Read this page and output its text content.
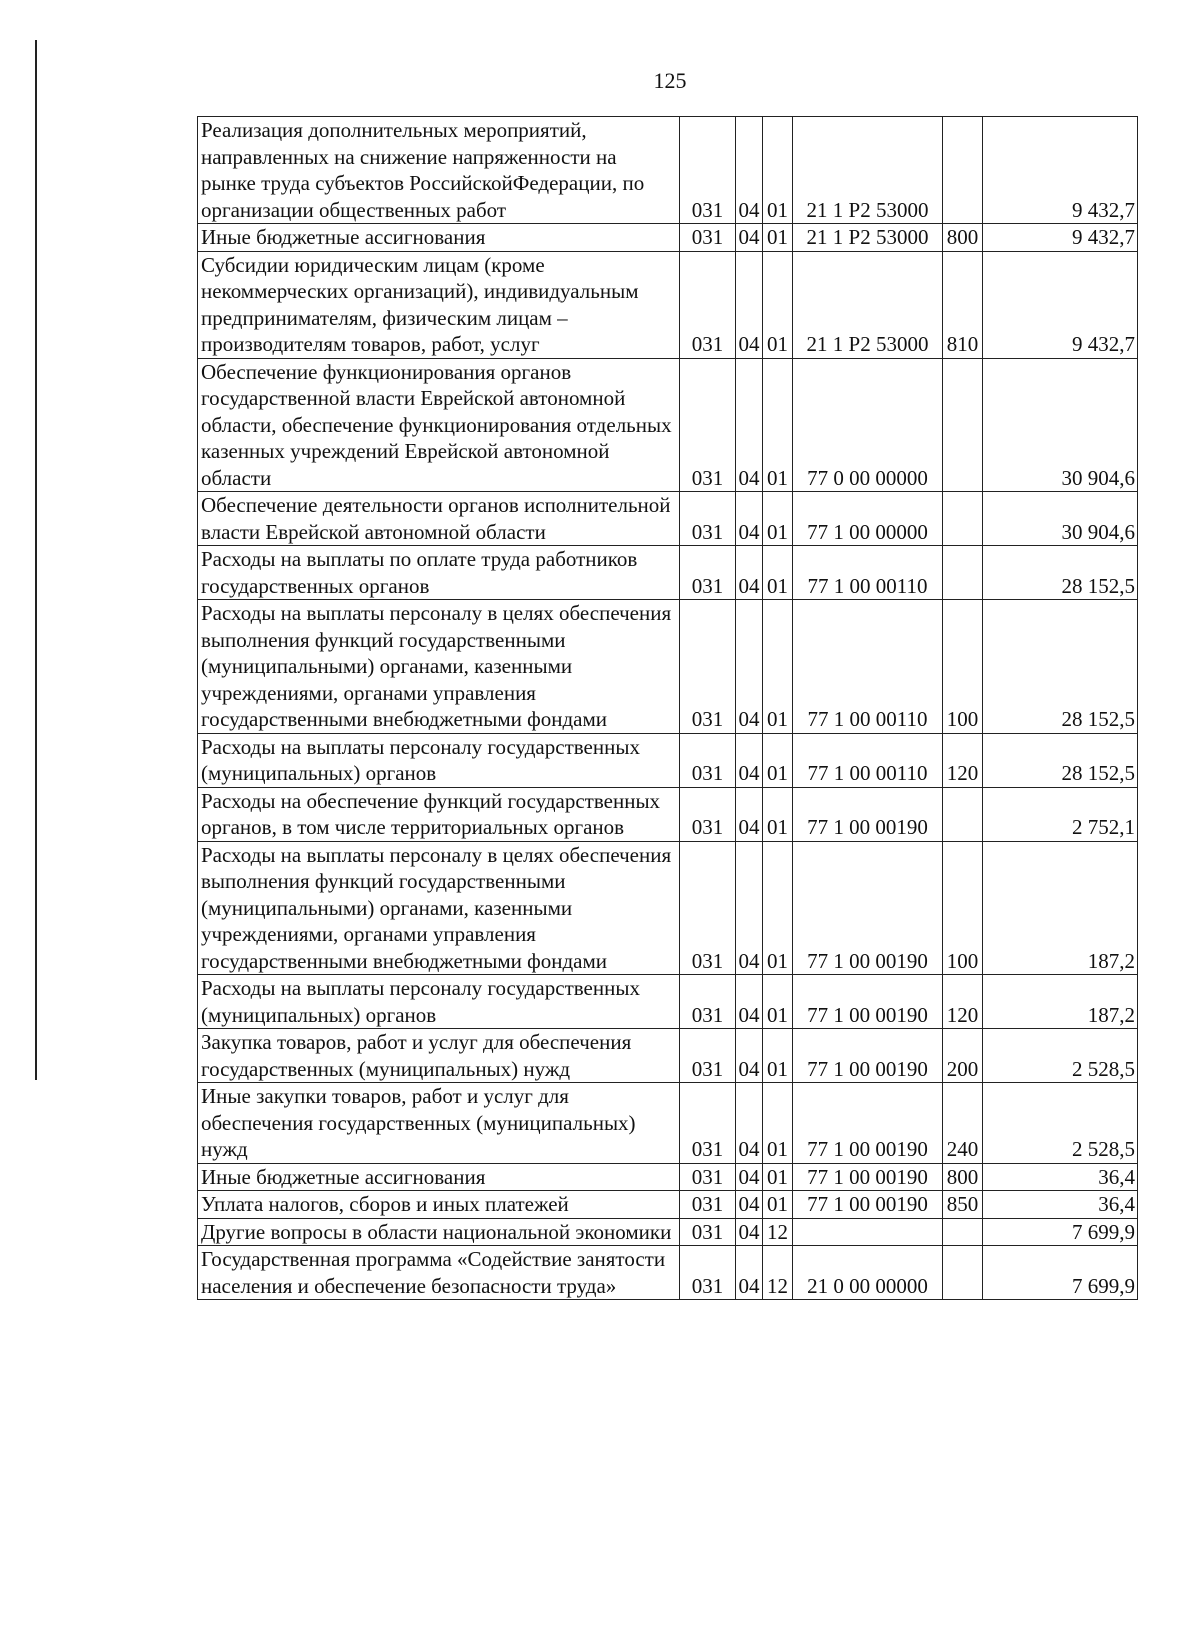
125
Реализация дополнительных мероприятий, направленных на снижение напряженности на рынке труда субъектов РоссийскойФедерации, по организации общественных работ	031	04	01	21 1 Р2 53000		9 432,7
Иные бюджетные ассигнования	031	04	01	21 1 Р2 53000	800	9 432,7
Субсидии юридическим лицам (кроме некоммерческих организаций), индивидуальным предпринимателям, физическим лицам – производителям товаров, работ, услуг	031	04	01	21 1 Р2 53000	810	9 432,7
Обеспечение функционирования органов государственной власти Еврейской автономной области, обеспечение функционирования отдельных казенных учреждений Еврейской автономной области	031	04	01	77 0 00 00000		30 904,6
Обеспечение деятельности органов исполнительной власти Еврейской автономной области	031	04	01	77 1 00 00000		30 904,6
Расходы на выплаты по оплате труда работников государственных органов	031	04	01	77 1 00 00110		28 152,5
Расходы на выплаты персоналу в целях обеспечения выполнения функций государственными (муниципальными) органами, казенными учреждениями, органами управления государственными внебюджетными фондами	031	04	01	77 1 00 00110	100	28 152,5
Расходы на выплаты персоналу государственных (муниципальных) органов	031	04	01	77 1 00 00110	120	28 152,5
Расходы на обеспечение функций государственных органов, в том числе территориальных органов	031	04	01	77 1 00 00190		2 752,1
Расходы на выплаты персоналу в целях обеспечения выполнения функций государственными (муниципальными) органами, казенными учреждениями, органами управления государственными внебюджетными фондами	031	04	01	77 1 00 00190	100	187,2
Расходы на выплаты персоналу государственных (муниципальных) органов	031	04	01	77 1 00 00190	120	187,2
Закупка товаров, работ и услуг для обеспечения государственных (муниципальных) нужд	031	04	01	77 1 00 00190	200	2 528,5
Иные закупки товаров, работ и услуг для обеспечения государственных (муниципальных) нужд	031	04	01	77 1 00 00190	240	2 528,5
Иные бюджетные ассигнования	031	04	01	77 1 00 00190	800	36,4
Уплата налогов, сборов и иных платежей	031	04	01	77 1 00 00190	850	36,4
Другие вопросы в области национальной экономики	031	04	12			7 699,9
Государственная программа «Содействие занятости населения и обеспечение безопасности труда»	031	04	12	21 0 00 00000		7 699,9
